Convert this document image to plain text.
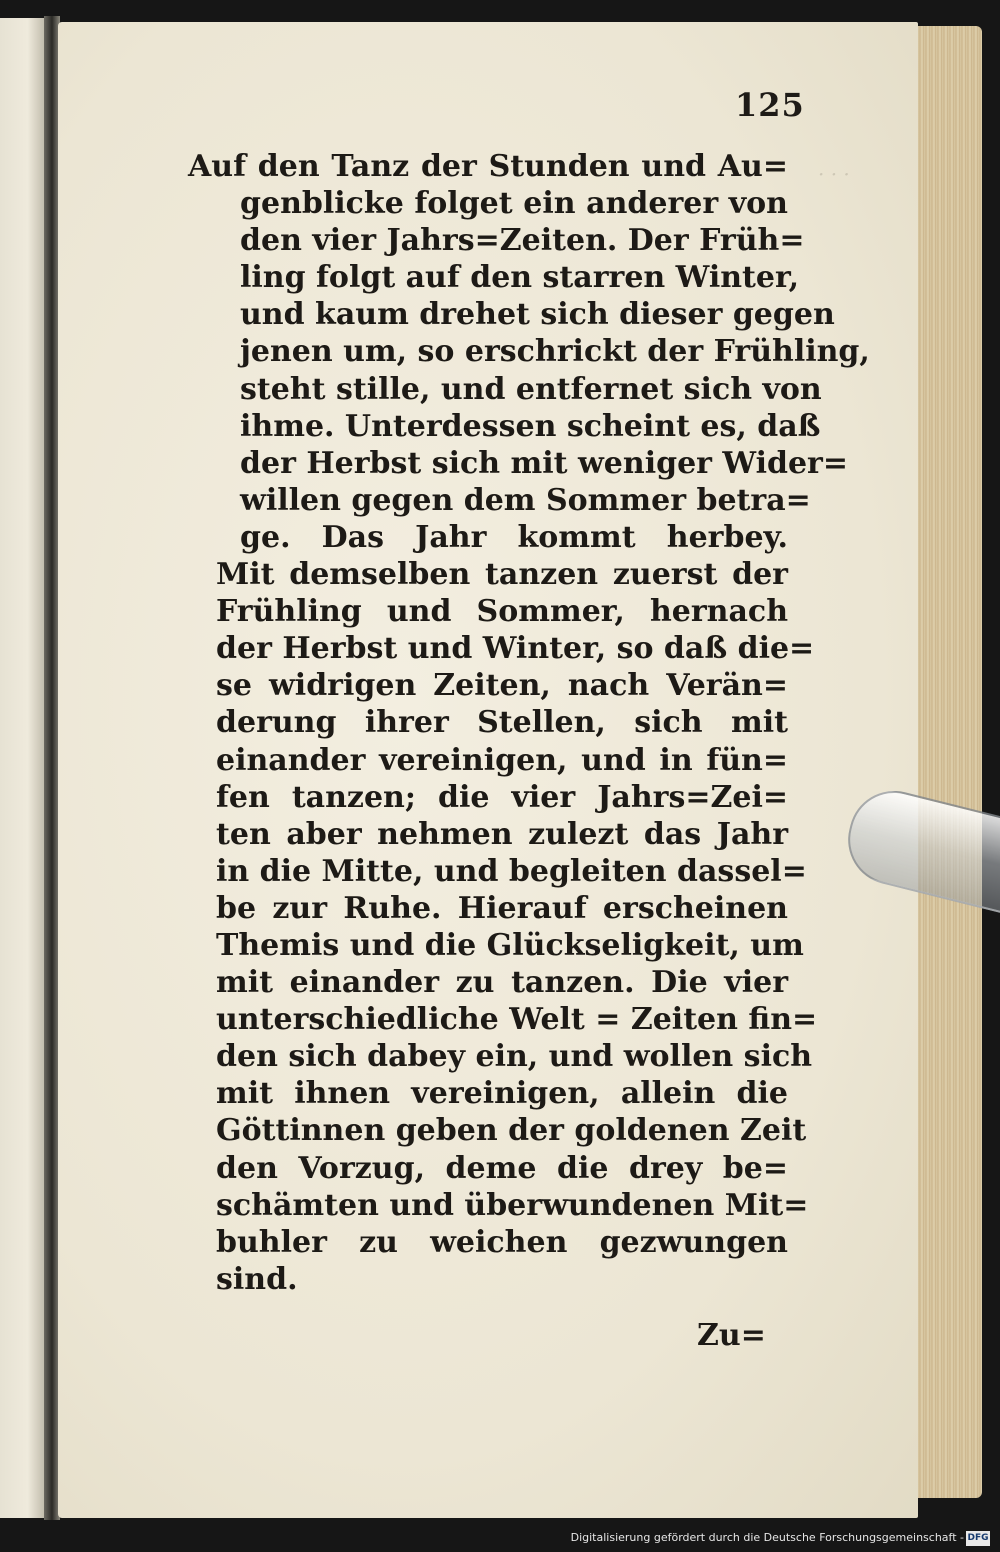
· · ·
125
Auf den Tanz der Stunden und Au=
genblicke folget ein anderer von
den vier Jahrs=Zeiten. Der Früh=
ling folgt auf den starren Winter,
und kaum drehet sich dieser gegen
jenen um, so erschrickt der Frühling,
steht stille, und entfernet sich von
ihme. Unterdessen scheint es, daß
der Herbst sich mit weniger Wider=
willen gegen dem Sommer betra=
ge. Das Jahr kommt herbey.
Mit demselben tanzen zuerst der
Frühling und Sommer, hernach
der Herbst und Winter, so daß die=
se widrigen Zeiten, nach Verän=
derung ihrer Stellen, sich mit
einander vereinigen, und in fün=
fen tanzen; die vier Jahrs=Zei=
ten aber nehmen zulezt das Jahr
in die Mitte, und begleiten dassel=
be zur Ruhe. Hierauf erscheinen
Themis und die Glückseligkeit, um
mit einander zu tanzen. Die vier
unterschiedliche Welt = Zeiten fin=
den sich dabey ein, und wollen sich
mit ihnen vereinigen, allein die
Göttinnen geben der goldenen Zeit
den Vorzug, deme die drey be=
schämten und überwundenen Mit=
buhler zu weichen gezwungen
sind.
Zu=
Digitalisierung gefördert durch die Deutsche Forschungsgemeinschaft - DFG
